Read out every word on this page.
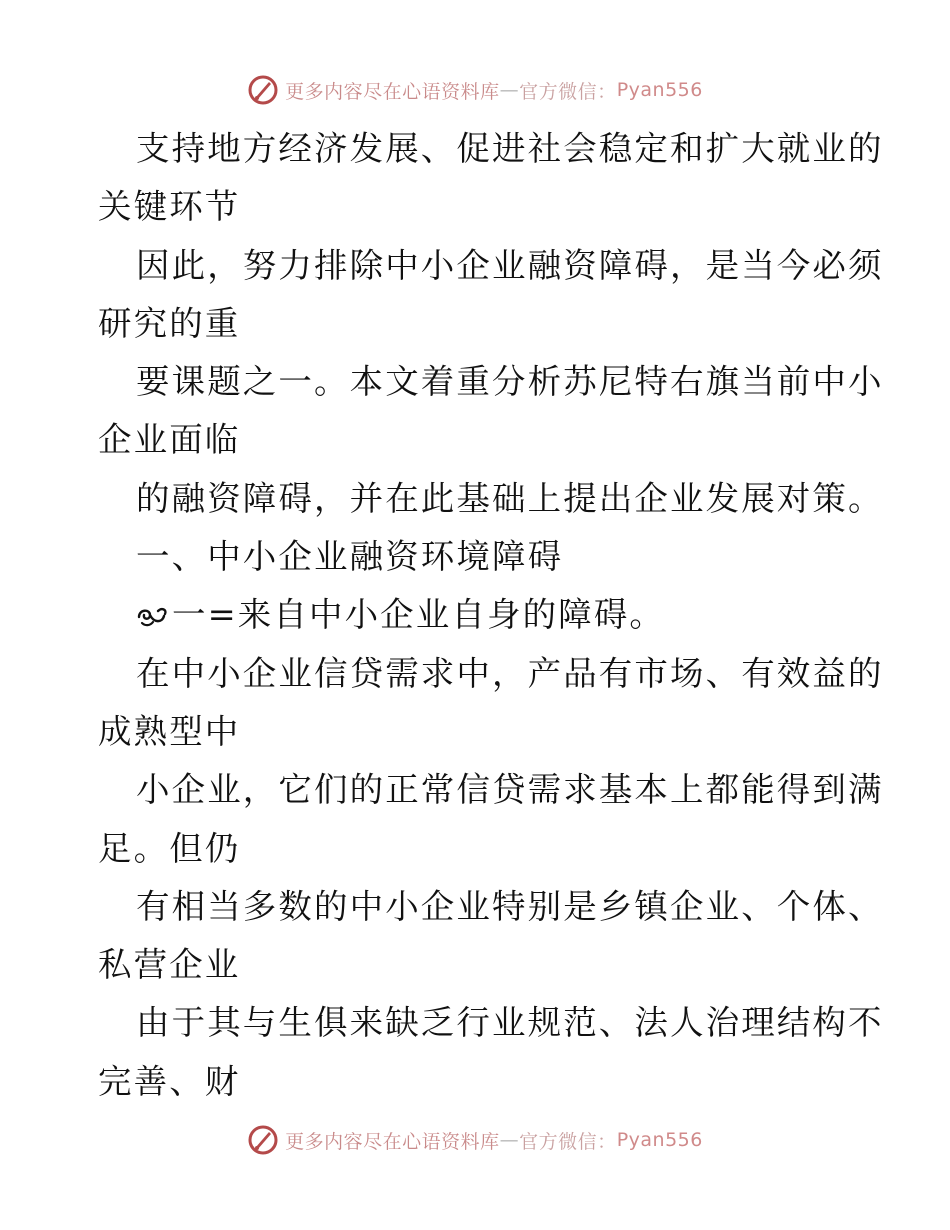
更多内容尽在心语资料库 — 官方微信： Pyan556
支持地方经济发展、促进社会稳定和扩大就业的
关键环节
因此，努力排除中小企业融资障碍，是当今必须
研究的重
要课题之一。本文着重分析苏尼特右旗当前中小
企业面临
的融资障碍，并在此基础上提出企业发展对策。
一、中小企业融资环境障碍
一=来自中小企业自身的障碍。
在中小企业信贷需求中，产品有市场、有效益的
成熟型中
小企业，它们的正常信贷需求基本上都能得到满
足。但仍
有相当多数的中小企业特别是乡镇企业、个体、
私营企业
由于其与生俱来缺乏行业规范、法人治理结构不
完善、财
更多内容尽在心语资料库 — 官方微信： Pyan556
